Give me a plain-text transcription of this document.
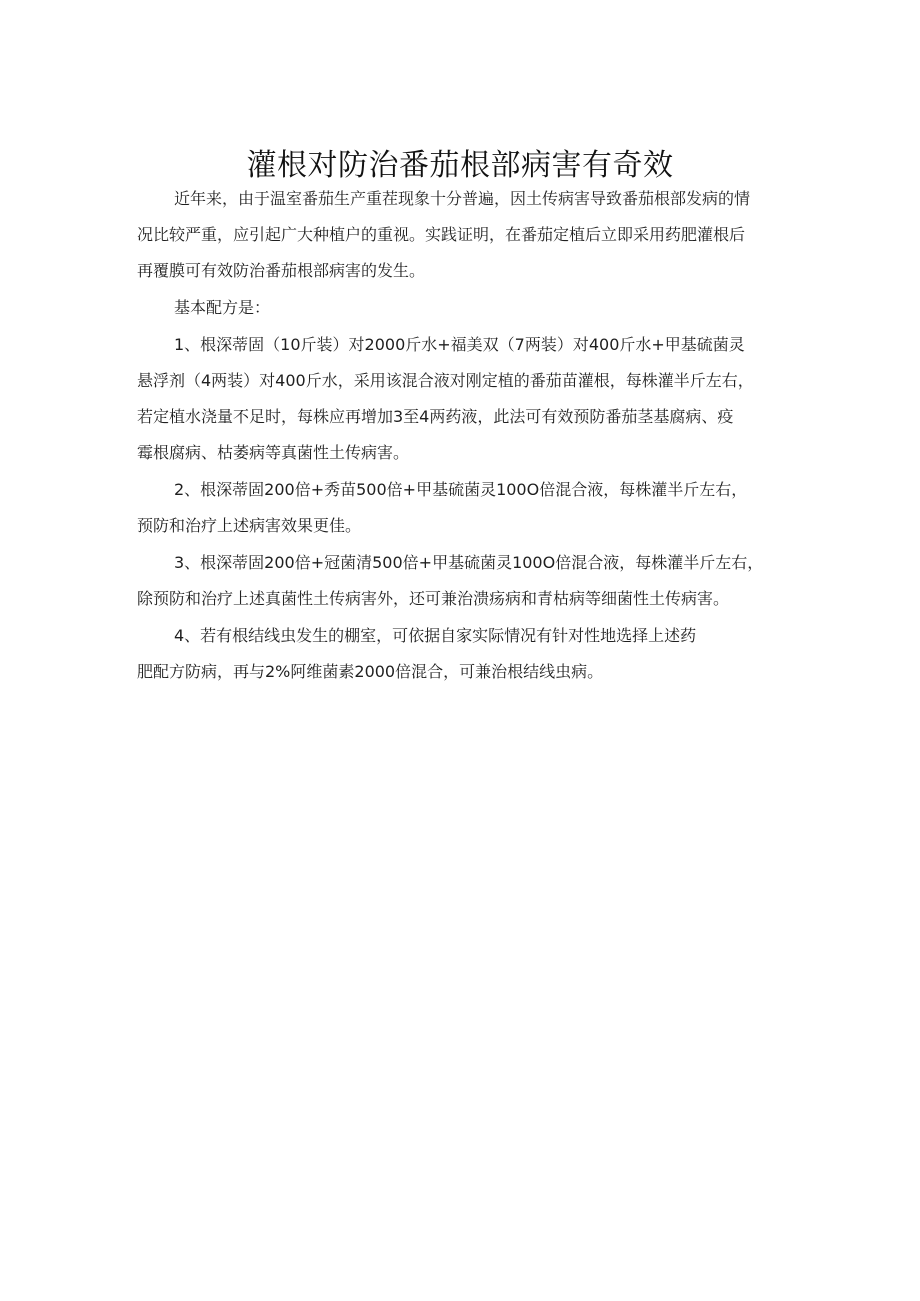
灌根对防治番茄根部病害有奇效
近年来，由于温室番茄生产重茬现象十分普遍，因土传病害导致番茄根部发病的情
况比较严重，应引起广大种植户的重视。实践证明，在番茄定植后立即采用药肥灌根后
再覆膜可有效防治番茄根部病害的发生。
基本配方是：
1、根深蒂固（10斤装）对2000斤水+福美双（7两装）对400斤水+甲基硫菌灵
悬浮剂（4两装）对400斤水，采用该混合液对刚定植的番茄苗灌根，每株灌半斤左右，
若定植水浇量不足时，每株应再增加3至4两药液，此法可有效预防番茄茎基腐病、疫
霉根腐病、枯萎病等真菌性土传病害。
2、根深蒂固200倍+秀苗500倍+甲基硫菌灵100O倍混合液，每株灌半斤左右，
预防和治疗上述病害效果更佳。
3、根深蒂固200倍+冠菌清500倍+甲基硫菌灵100O倍混合液，每株灌半斤左右，
除预防和治疗上述真菌性土传病害外，还可兼治溃疡病和青枯病等细菌性土传病害。
4、若有根结线虫发生的棚室，可依据自家实际情况有针对性地选择上述药
肥配方防病，再与2%阿维菌素2000倍混合，可兼治根结线虫病。
